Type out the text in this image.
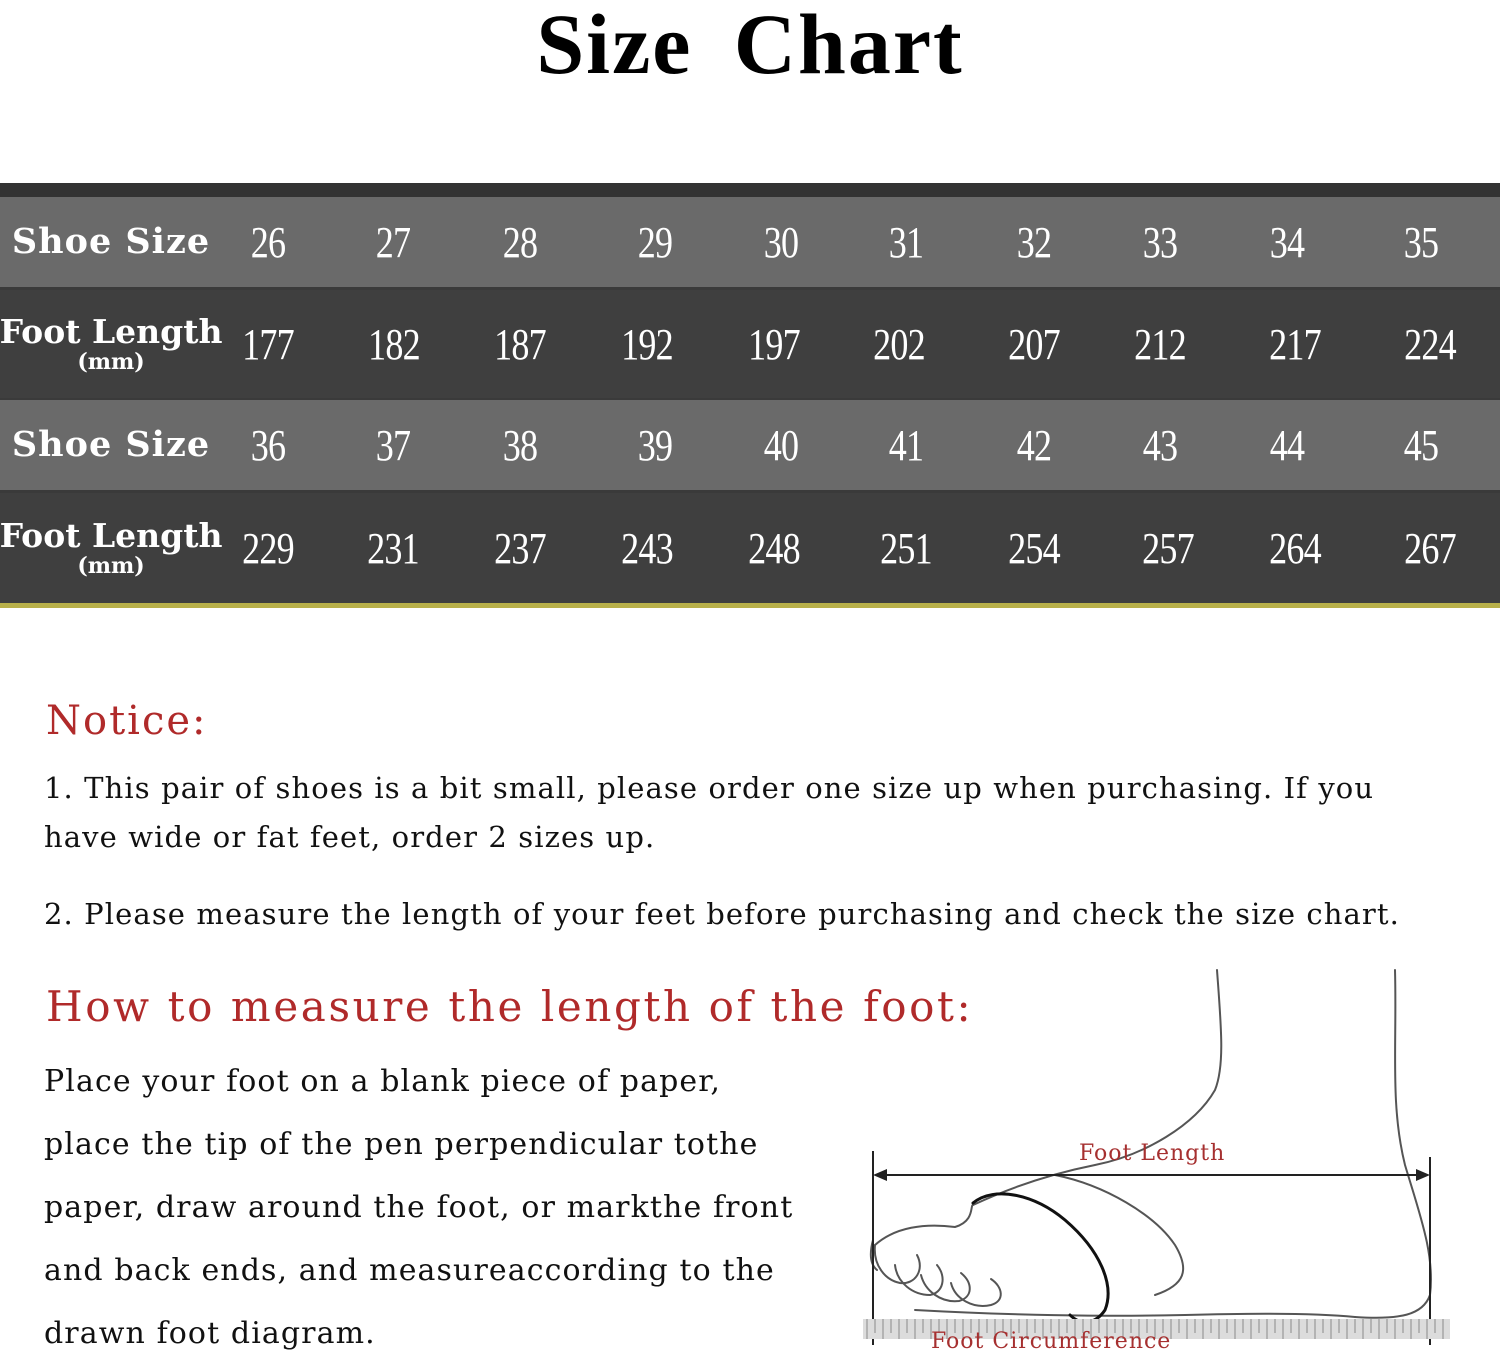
Size Chart
Shoe Size 26	27	28	29	30	31	32	33	34	35
Foot Length
(mm)	177	182	187	192	197	202	207	212	217	224
Shoe Size 36	37	38	39	40	41	42	43	44	45
Foot Length
(mm)	229	231	237	243	248	251	254	257	264	267
Notice:
1. This pair of shoes is a bit small, please order one size up when purchasing. If you
have wide or fat feet, order 2 sizes up.
2. Please measure the length of your feet before purchasing and check the size chart.
How to measure the length of the foot:
Place your foot on a blank piece of paper,
place the tip of the pen perpendicular tothe
paper, draw around the foot, or markthe front
and back ends, and measureaccording to the
drawn foot diagram.
Foot Length
Foot Circumference
